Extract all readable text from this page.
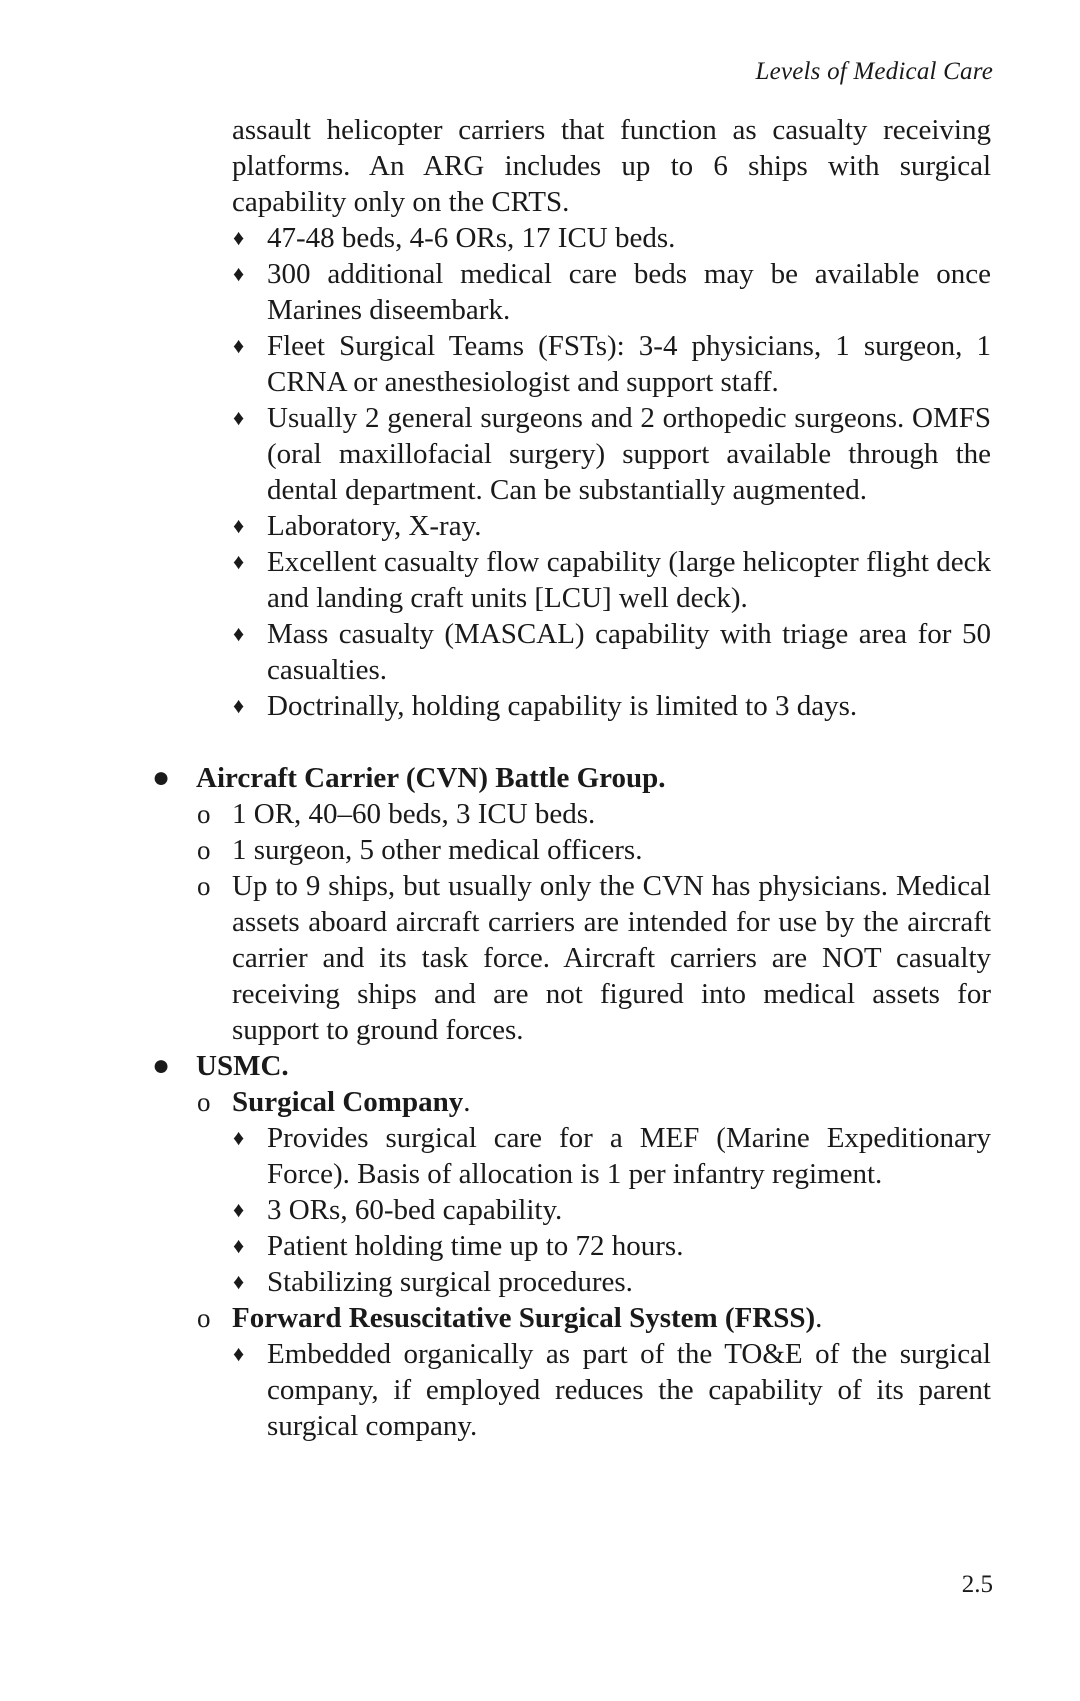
Levels of Medical Care
assault helicopter carriers that function as casualty receiving platforms. An ARG includes up to 6 ships with surgical capability only on the CRTS.
♦ 47-48 beds, 4-6 ORs, 17 ICU beds.
♦ 300 additional medical care beds may be available once Marines diseembark.
♦ Fleet Surgical Teams (FSTs): 3-4 physicians, 1 surgeon, 1 CRNA or anesthesiologist and support staff.
♦ Usually 2 general surgeons and 2 orthopedic surgeons. OMFS (oral maxillofacial surgery) support available through the dental department. Can be substantially augmented.
♦ Laboratory, X-ray.
♦ Excellent casualty flow capability (large helicopter flight deck and landing craft units [LCU] well deck).
♦ Mass casualty (MASCAL) capability with triage area for 50 casualties.
♦ Doctrinally, holding capability is limited to 3 days.
● Aircraft Carrier (CVN) Battle Group.
o 1 OR, 40–60 beds, 3 ICU beds.
o 1 surgeon, 5 other medical officers.
o Up to 9 ships, but usually only the CVN has physicians. Medical assets aboard aircraft carriers are intended for use by the aircraft carrier and its task force. Aircraft carriers are NOT casualty receiving ships and are not figured into medical assets for support to ground forces.
● USMC.
o Surgical Company.
♦ Provides surgical care for a MEF (Marine Expeditionary Force). Basis of allocation is 1 per infantry regiment.
♦ 3 ORs, 60-bed capability.
♦ Patient holding time up to 72 hours.
♦ Stabilizing surgical procedures.
o Forward Resuscitative Surgical System (FRSS).
♦ Embedded organically as part of the TO&E of the surgical company, if employed reduces the capability of its parent surgical company.
2.5
